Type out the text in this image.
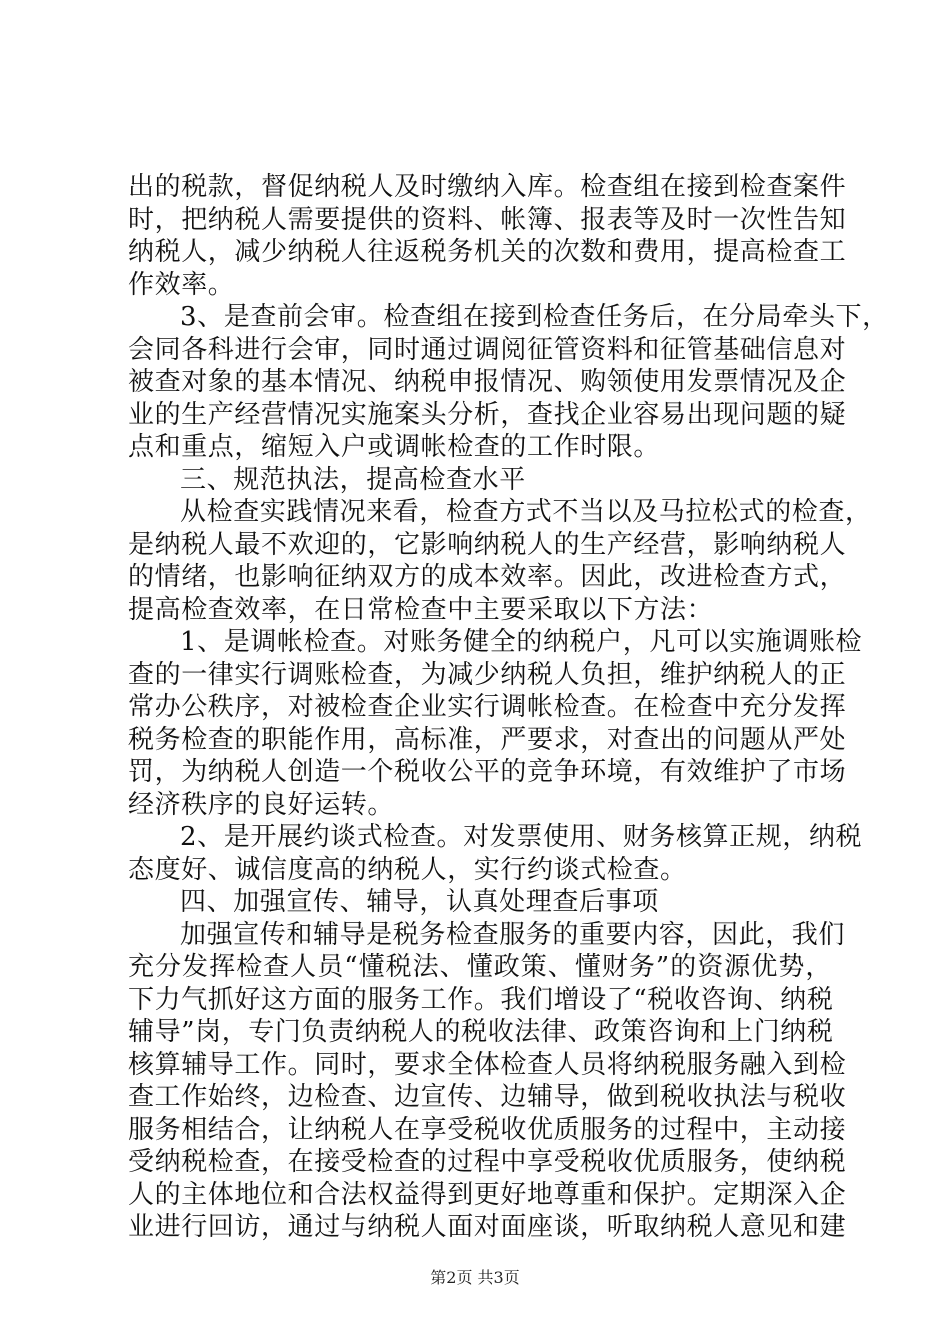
出的税款，督促纳税人及时缴纳入库。检查组在接到检查案件
时，把纳税人需要提供的资料、帐簿、报表等及时一次性告知
纳税人，减少纳税人往返税务机关的次数和费用，提高检查工
作效率。
3、是查前会审。检查组在接到检查任务后，在分局牵头下，
会同各科进行会审，同时通过调阅征管资料和征管基础信息对
被查对象的基本情况、纳税申报情况、购领使用发票情况及企
业的生产经营情况实施案头分析，查找企业容易出现问题的疑
点和重点，缩短入户或调帐检查的工作时限。
三、规范执法，提高检查水平
从检查实践情况来看，检查方式不当以及马拉松式的检查，
是纳税人最不欢迎的，它影响纳税人的生产经营，影响纳税人
的情绪，也影响征纳双方的成本效率。因此，改进检查方式，
提高检查效率，在日常检查中主要采取以下方法：
1、是调帐检查。对账务健全的纳税户，凡可以实施调账检
查的一律实行调账检查，为减少纳税人负担，维护纳税人的正
常办公秩序，对被检查企业实行调帐检查。在检查中充分发挥
税务检查的职能作用，高标准，严要求，对查出的问题从严处
罚，为纳税人创造一个税收公平的竞争环境，有效维护了市场
经济秩序的良好运转。
2、是开展约谈式检查。对发票使用、财务核算正规，纳税
态度好、诚信度高的纳税人，实行约谈式检查。
四、加强宣传、辅导，认真处理查后事项
加强宣传和辅导是税务检查服务的重要内容，因此，我们
充分发挥检查人员“懂税法、懂政策、懂财务”的资源优势，
下力气抓好这方面的服务工作。我们增设了“税收咨询、纳税
辅导”岗，专门负责纳税人的税收法律、政策咨询和上门纳税
核算辅导工作。同时，要求全体检查人员将纳税服务融入到检
查工作始终，边检查、边宣传、边辅导，做到税收执法与税收
服务相结合，让纳税人在享受税收优质服务的过程中，主动接
受纳税检查，在接受检查的过程中享受税收优质服务，使纳税
人的主体地位和合法权益得到更好地尊重和保护。定期深入企
业进行回访，通过与纳税人面对面座谈，听取纳税人意见和建
第2页 共3页
